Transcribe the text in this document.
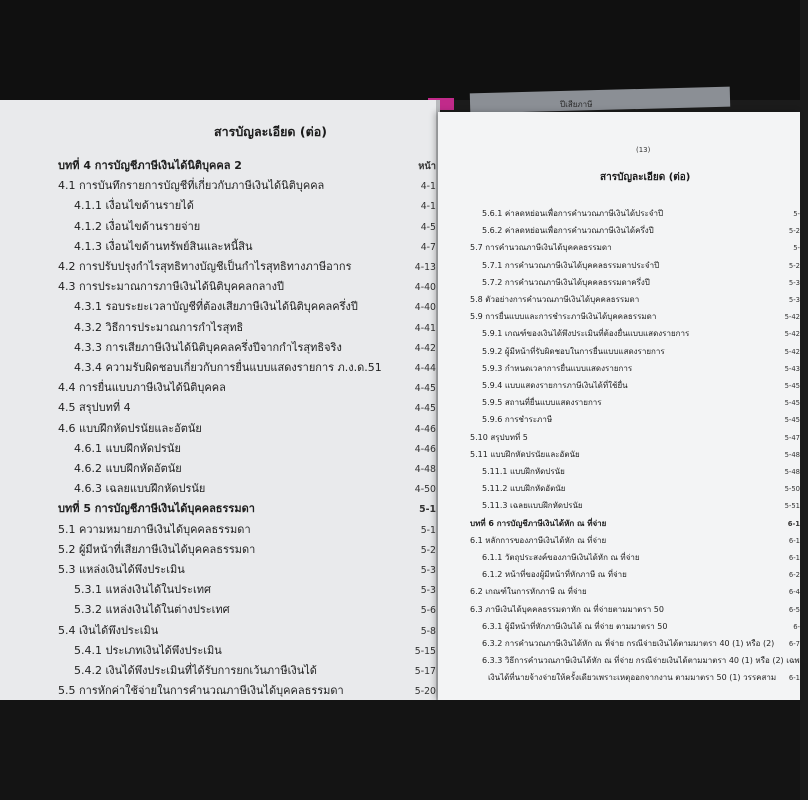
ปีเสียภาษี
สารบัญละเอียด (ต่อ)
บทที่ 4 การบัญชีภาษีเงินได้นิติบุคคล 2	หน้า
4.1 การบันทึกรายการบัญชีที่เกี่ยวกับภาษีเงินได้นิติบุคคล	4-1
4.1.1 เงื่อนไขด้านรายได้	4-1
4.1.2 เงื่อนไขด้านรายจ่าย	4-5
4.1.3 เงื่อนไขด้านทรัพย์สินและหนี้สิน	4-7
4.2 การปรับปรุงกำไรสุทธิทางบัญชีเป็นกำไรสุทธิทางภาษีอากร	4-13
4.3 การประมาณการภาษีเงินได้นิติบุคคลกลางปี	4-40
4.3.1 รอบระยะเวลาบัญชีที่ต้องเสียภาษีเงินได้นิติบุคคลครึ่งปี	4-40
4.3.2 วิธีการประมาณการกำไรสุทธิ	4-41
4.3.3 การเสียภาษีเงินได้นิติบุคคลครึ่งปีจากกำไรสุทธิจริง	4-42
4.3.4 ความรับผิดชอบเกี่ยวกับการยื่นแบบแสดงรายการ ภ.ง.ด.51	4-44
4.4 การยื่นแบบภาษีเงินได้นิติบุคคล	4-45
4.5 สรุปบทที่ 4	4-45
4.6 แบบฝึกหัดปรนัยและอัตนัย	4-46
4.6.1 แบบฝึกหัดปรนัย	4-46
4.6.2 แบบฝึกหัดอัตนัย	4-48
4.6.3 เฉลยแบบฝึกหัดปรนัย	4-50
บทที่ 5 การบัญชีภาษีเงินได้บุคคลธรรมดา	5-1
5.1 ความหมายภาษีเงินได้บุคคลธรรมดา	5-1
5.2 ผู้มีหน้าที่เสียภาษีเงินได้บุคคลธรรมดา	5-2
5.3 แหล่งเงินได้พึงประเมิน	5-3
5.3.1 แหล่งเงินได้ในประเทศ	5-3
5.3.2 แหล่งเงินได้ในต่างประเทศ	5-6
5.4 เงินได้พึงประเมิน	5-8
5.4.1 ประเภทเงินได้พึงประเมิน	5-15
5.4.2 เงินได้พึงประเมินที่ได้รับการยกเว้นภาษีเงินได้	5-17
5.5 การหักค่าใช้จ่ายในการคำนวณภาษีเงินได้บุคคลธรรมดา	5-20
(13)
สารบัญละเอียด (ต่อ)
5.6.1 ค่าลดหย่อนเพื่อการคำนวณภาษีเงินได้ประจำปี	5-
5.6.2 ค่าลดหย่อนเพื่อการคำนวณภาษีเงินได้ครึ่งปี	5-2
5.7 การคำนวณภาษีเงินได้บุคคลธรรมดา	5-
5.7.1 การคำนวณภาษีเงินได้บุคคลธรรมดาประจำปี	5-2
5.7.2 การคำนวณภาษีเงินได้บุคคลธรรมดาครึ่งปี	5-3
5.8 ตัวอย่างการคำนวณภาษีเงินได้บุคคลธรรมดา	5-3
5.9 การยื่นแบบและการชำระภาษีเงินได้บุคคลธรรมดา	5-42
5.9.1 เกณฑ์ของเงินได้พึงประเมินที่ต้องยื่นแบบแสดงรายการ	5-42
5.9.2 ผู้มีหน้าที่รับผิดชอบในการยื่นแบบแสดงรายการ	5-42
5.9.3 กำหนดเวลาการยื่นแบบแสดงรายการ	5-43
5.9.4 แบบแสดงรายการภาษีเงินได้ที่ใช้ยื่น	5-45
5.9.5 สถานที่ยื่นแบบแสดงรายการ	5-45
5.9.6 การชำระภาษี	5-45
5.10 สรุปบทที่ 5	5-47
5.11 แบบฝึกหัดปรนัยและอัตนัย	5-48
5.11.1 แบบฝึกหัดปรนัย	5-48
5.11.2 แบบฝึกหัดอัตนัย	5-50
5.11.3 เฉลยแบบฝึกหัดปรนัย	5-51
บทที่ 6 การบัญชีภาษีเงินได้หัก ณ ที่จ่าย	6-1
6.1 หลักการของภาษีเงินได้หัก ณ ที่จ่าย	6-1
6.1.1 วัตถุประสงค์ของภาษีเงินได้หัก ณ ที่จ่าย	6-1
6.1.2 หน้าที่ของผู้มีหน้าที่หักภาษี ณ ที่จ่าย	6-2
6.2 เกณฑ์ในการหักภาษี ณ ที่จ่าย	6-4
6.3 ภาษีเงินได้บุคคลธรรมดาหัก ณ ที่จ่ายตามมาตรา 50	6-5
6.3.1 ผู้มีหน้าที่หักภาษีเงินได้ ณ ที่จ่าย ตามมาตรา 50	6-
6.3.2 การคำนวณภาษีเงินได้หัก ณ ที่จ่าย กรณีจ่ายเงินได้ตามมาตรา 40 (1) หรือ (2) 6-7
6.3.3 วิธีการคำนวณภาษีเงินได้หัก ณ ที่จ่าย กรณีจ่ายเงินได้ตามมาตรา 40 (1) หรือ (2) เฉพาะ
เงินได้ที่นายจ้างจ่ายให้ครั้งเดียวเพราะเหตุออกจากงาน ตามมาตรา 50 (1) วรรคสาม 6-1
